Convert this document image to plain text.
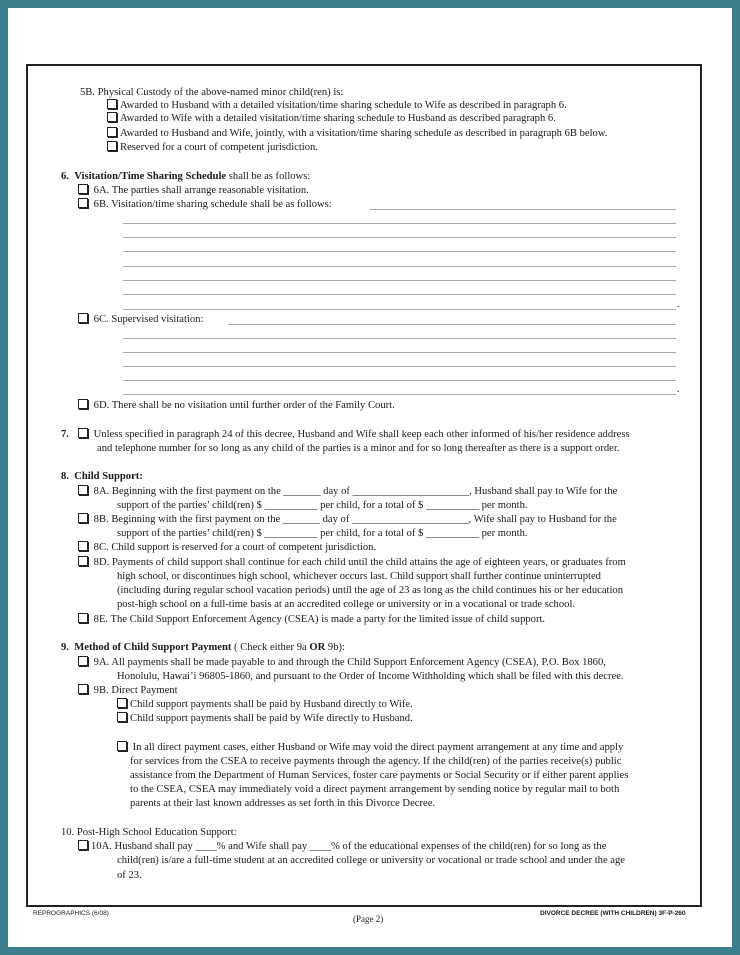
5B. Physical Custody of the above-named minor child(ren) is:
Awarded to Husband with a detailed visitation/time sharing schedule to Wife as described in paragraph 6.
Awarded to Wife with a detailed visitation/time sharing schedule to Husband as described paragraph 6.
Awarded to Husband and Wife, jointly, with a visitation/time sharing schedule as described in paragraph 6B below.
Reserved for a court of competent jurisdiction.
6. Visitation/Time Sharing Schedule shall be as follows:
6A. The parties shall arrange reasonable visitation.
6B. Visitation/time sharing schedule shall be as follows:
.
6C. Supervised visitation:
.
6D. There shall be no visitation until further order of the Family Court.
7.	Unless specified in paragraph 24 of this decree, Husband and Wife shall keep each other informed of his/her residence address
and telephone number for so long as any child of the parties is a minor and for so long thereafter as there is a support order.
8. Child Support:
8A. Beginning with the first payment on the _______ day of ______________________, Husband shall pay to Wife for the
support of the parties’ child(ren) $ __________ per child, for a total of $ __________ per month.
8B. Beginning with the first payment on the _______ day of ______________________, Wife shall pay to Husband for the
support of the parties’ child(ren) $ __________ per child, for a total of $ __________ per month.
8C. Child support is reserved for a court of competent jurisdiction.
8D. Payments of child support shall continue for each child until the child attains the age of eighteen years, or graduates from
high school, or discontinues high school, whichever occurs last. Child support shall further continue uninterrupted
(including during regular school vacation periods) until the age of 23 as long as the child continues his or her education
post-high school on a full-time basis at an accredited college or university or in a vocational or trade school.
8E. The Child Support Enforcement Agency (CSEA) is made a party for the limited issue of child support.
9. Method of Child Support Payment ( Check either 9a OR 9b):
9A. All payments shall be made payable to and through the Child Support Enforcement Agency (CSEA), P.O. Box 1860,
Honolulu, Hawai’i 96805-1860, and pursuant to the Order of Income Withholding which shall be filed with this decree.
9B. Direct Payment
Child support payments shall be paid by Husband directly to Wife.
Child support payments shall be paid by Wife directly to Husband.
In all direct payment cases, either Husband or Wife may void the direct payment arrangement at any time and apply
for services from the CSEA to receive payments through the agency. If the child(ren) of the parties receive(s) public
assistance from the Department of Human Services, foster care payments or Social Security or if either parent applies
to the CSEA, CSEA may immediately void a direct payment arrangement by sending notice by regular mail to both
parents at their last known addresses as set forth in this Divorce Decree.
10. Post-High School Education Support:
10A. Husband shall pay ____% and Wife shall pay ____% of the educational expenses of the child(ren) for so long as the
child(ren) is/are a full-time student at an accredited college or university or vocational or trade school and under the age
of 23.
REPROGRAPHICS (6/08)
(Page 2)
DIVORCE DECREE (WITH CHILDREN) 3F-P-260
